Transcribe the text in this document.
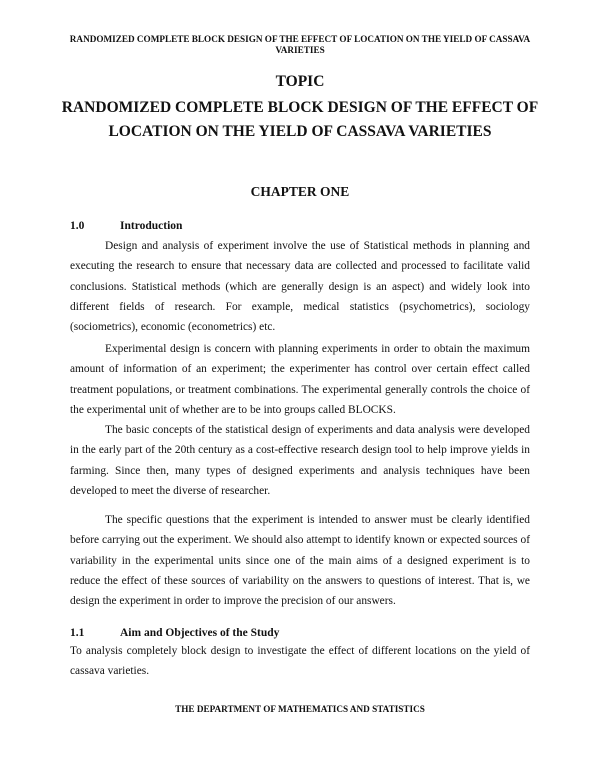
RANDOMIZED COMPLETE BLOCK DESIGN OF THE EFFECT OF LOCATION ON THE YIELD OF CASSAVA VARIETIES
TOPIC
RANDOMIZED COMPLETE BLOCK DESIGN OF THE EFFECT OF LOCATION ON THE YIELD OF CASSAVA VARIETIES
CHAPTER ONE
1.0	Introduction

Design and analysis of experiment involve the use of Statistical methods in planning and executing the research to ensure that necessary data are collected and processed to facilitate valid conclusions. Statistical methods (which are generally design is an aspect) and widely look into different fields of research. For example, medical statistics (psychometrics), sociology (sociometrics), economic (econometrics) etc.

Experimental design is concern with planning experiments in order to obtain the maximum amount of information of an experiment; the experimenter has control over certain effect called treatment populations, or treatment combinations. The experimental generally controls the choice of the experimental unit of whether are to be into groups called BLOCKS.

The basic concepts of the statistical design of experiments and data analysis were developed in the early part of the 20th century as a cost-effective research design tool to help improve yields in farming. Since then, many types of designed experiments and analysis techniques have been developed to meet the diverse of researcher.

The specific questions that the experiment is intended to answer must be clearly identified before carrying out the experiment. We should also attempt to identify known or expected sources of variability in the experimental units since one of the main aims of a designed experiment is to reduce the effect of these sources of variability on the answers to questions of interest. That is, we design the experiment in order to improve the precision of our answers.

1.1	Aim and Objectives of the Study

To analysis completely block design to investigate the effect of different locations on the yield of cassava varieties.

THE DEPARTMENT OF MATHEMATICS AND STATISTICS
